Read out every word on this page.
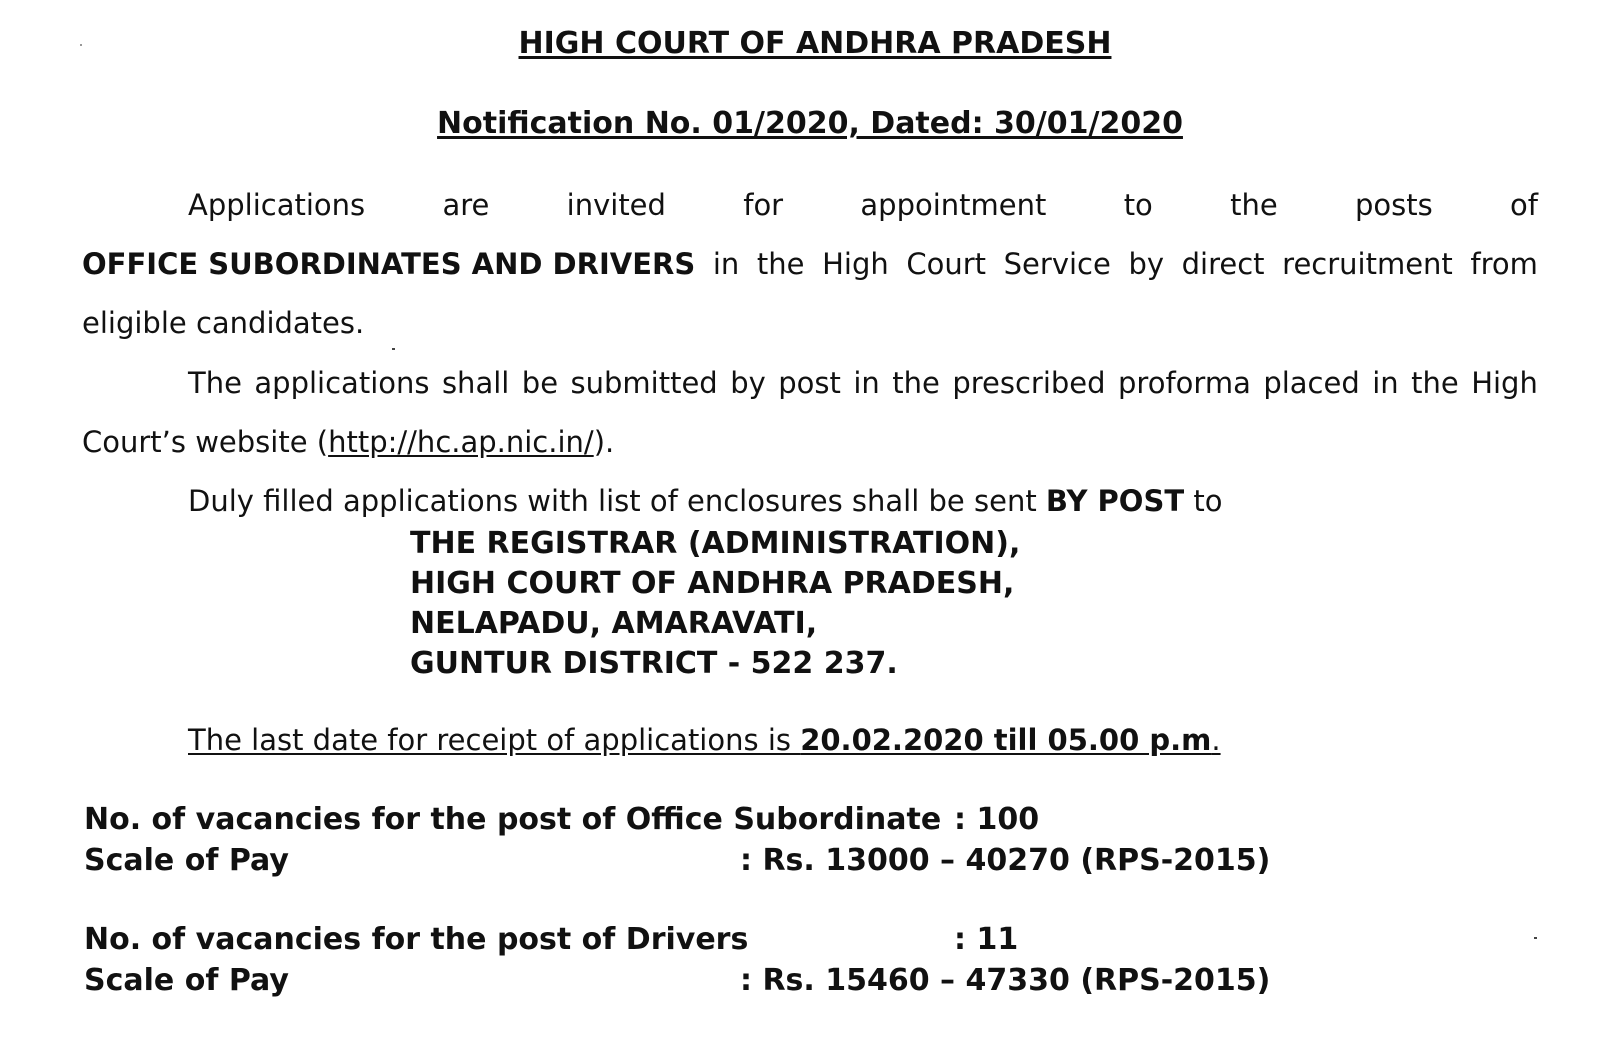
HIGH COURT OF ANDHRA PRADESH
Notification No. 01/2020, Dated: 30/01/2020
Applications	are	invited	for	appointment	to	the	posts	of
OFFICE SUBORDINATES AND DRIVERS in the High Court Service by direct recruitment from
eligible candidates.
The applications shall be submitted by post in the prescribed proforma placed in the High
Court’s website (http://hc.ap.nic.in/).
Duly filled applications with list of enclosures shall be sent BY POST to
THE REGISTRAR (ADMINISTRATION),
HIGH COURT OF ANDHRA PRADESH,
NELAPADU, AMARAVATI,
GUNTUR DISTRICT - 522 237.
The last date for receipt of applications is 20.02.2020 till 05.00 p.m.
No. of vacancies for the post of Office Subordinate : 100
Scale of Pay	: Rs. 13000 – 40270 (RPS-2015)
No. of vacancies for the post of Drivers	: 11
Scale of Pay	: Rs. 15460 – 47330 (RPS-2015)
